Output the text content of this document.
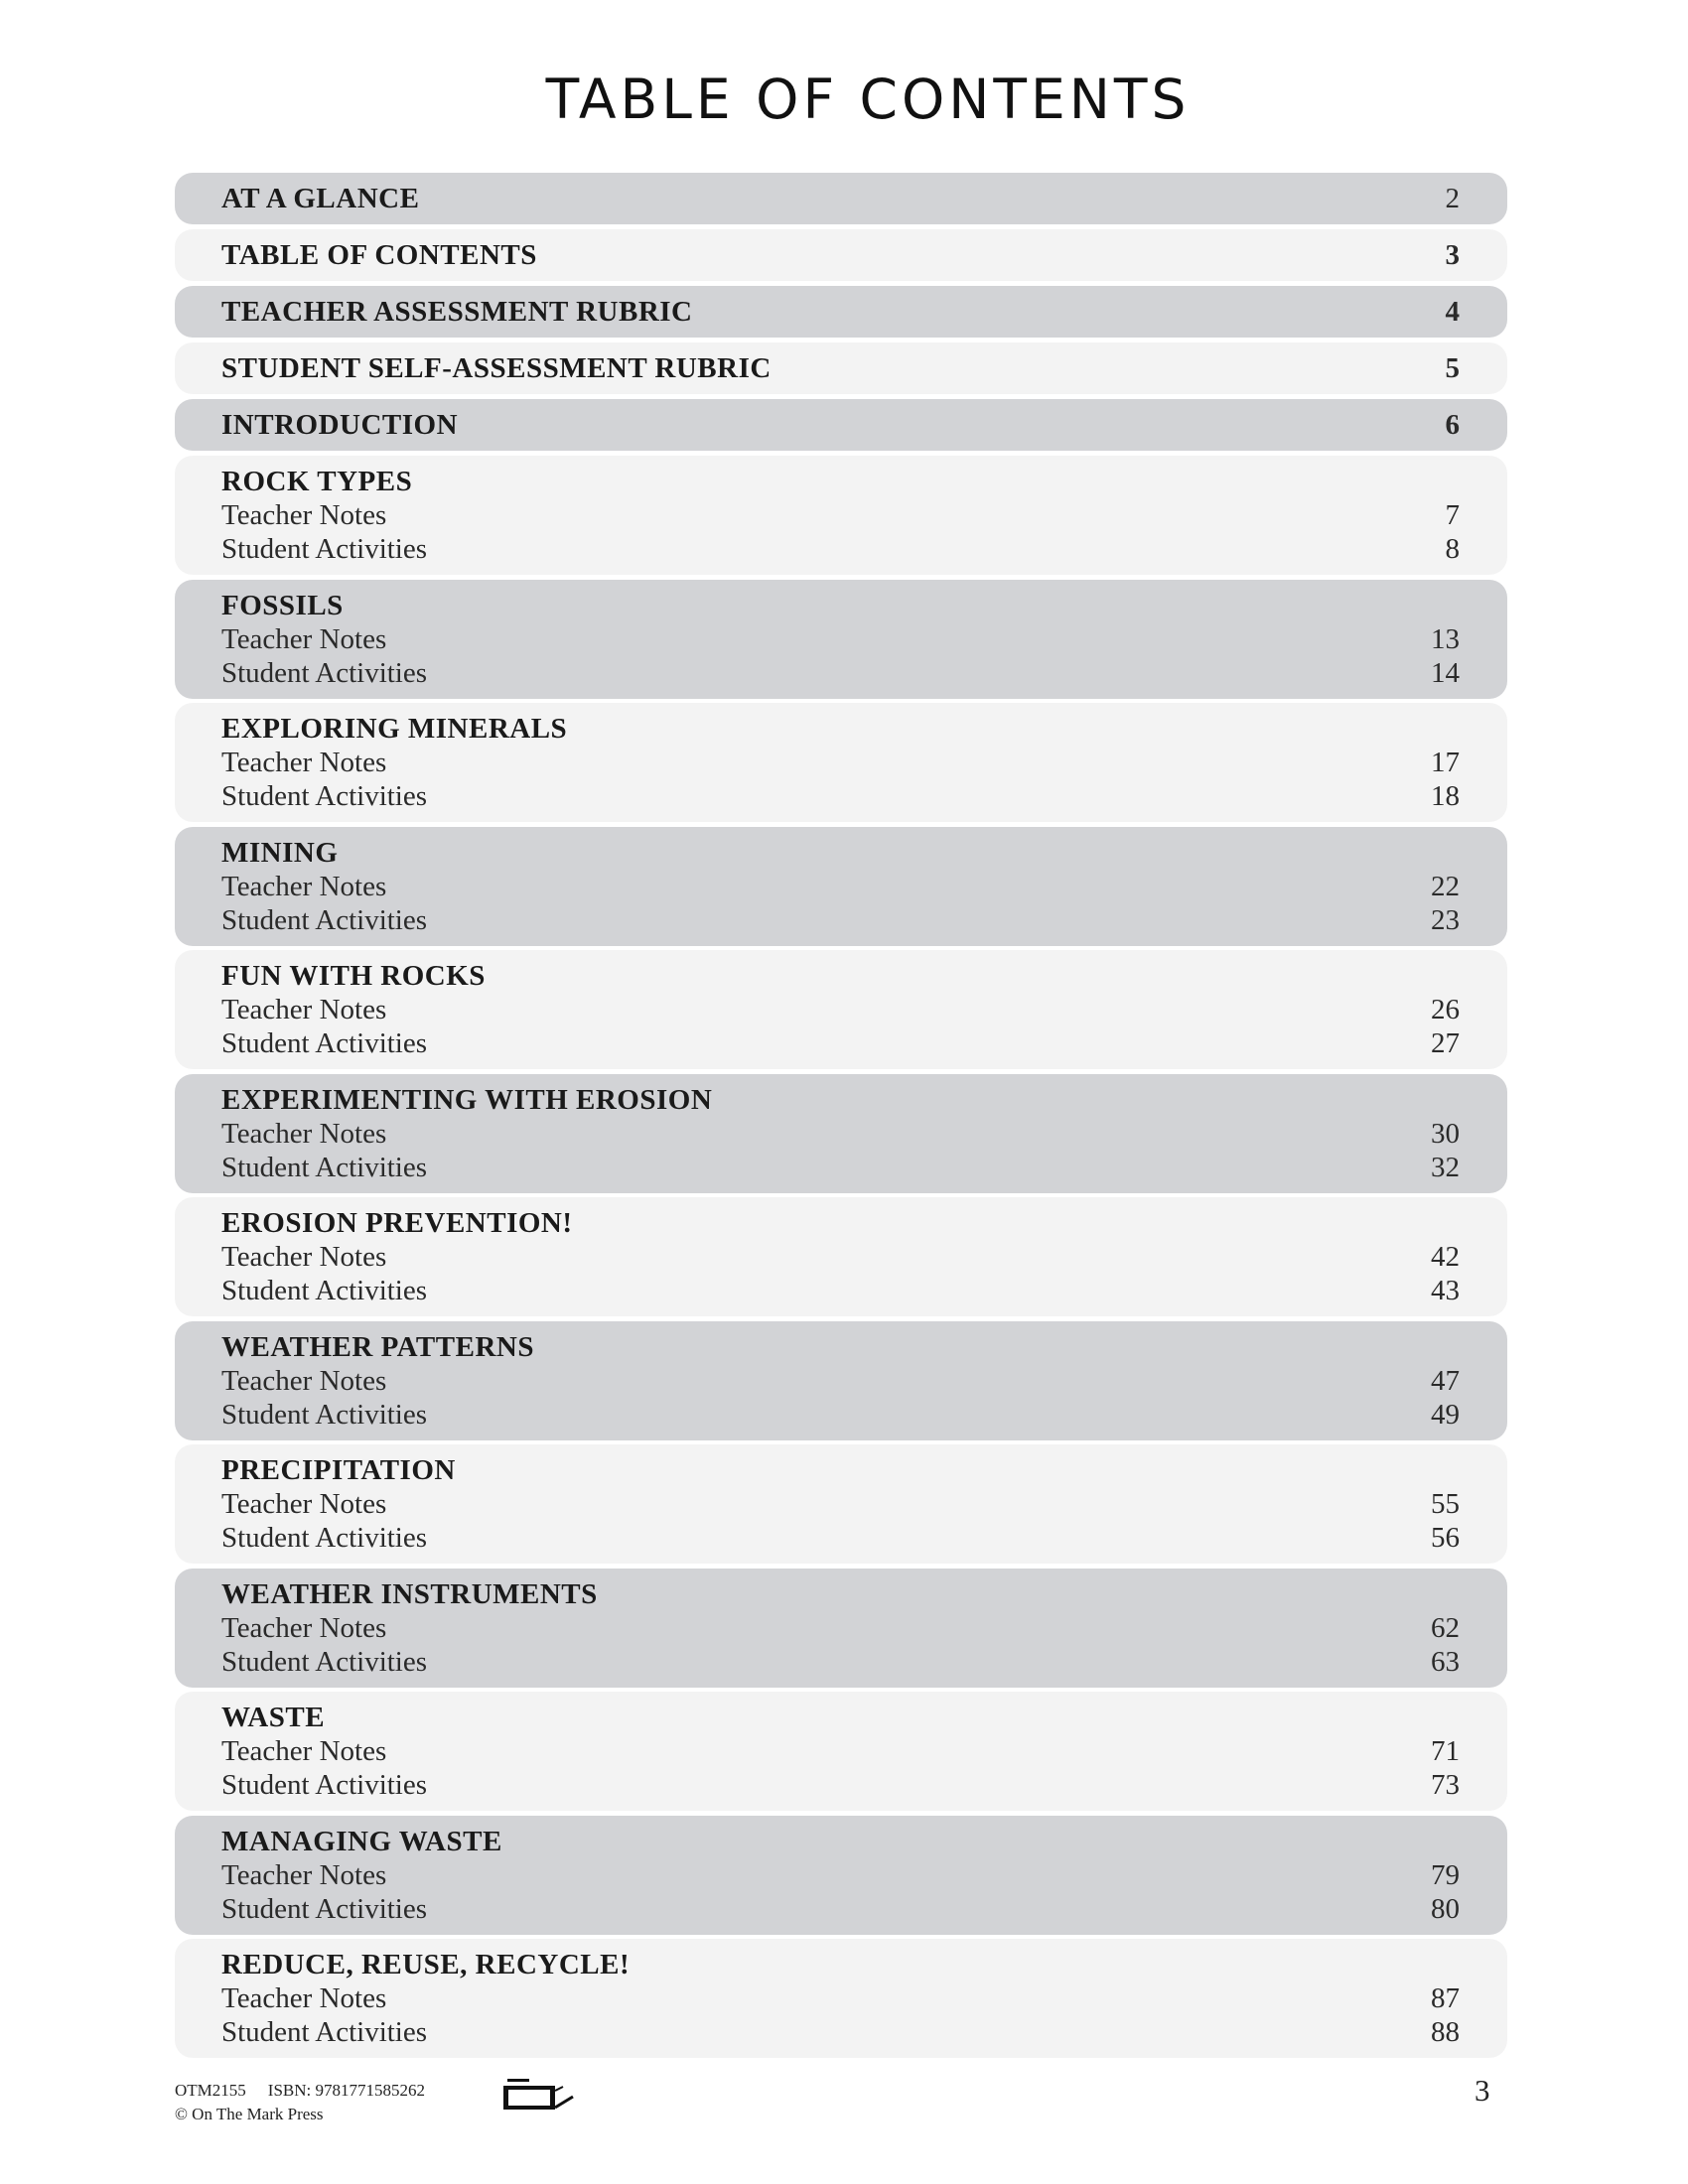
TABLE OF CONTENTS
AT A GLANCE	2
TABLE OF CONTENTS	3
TEACHER ASSESSMENT RUBRIC	4
STUDENT SELF-ASSESSMENT RUBRIC	5
INTRODUCTION	6
ROCK TYPES
Teacher Notes	7
Student Activities	8
FOSSILS
Teacher Notes	13
Student Activities	14
EXPLORING MINERALS
Teacher Notes	17
Student Activities	18
MINING
Teacher Notes	22
Student Activities	23
FUN WITH ROCKS
Teacher Notes	26
Student Activities	27
EXPERIMENTING WITH EROSION
Teacher Notes	30
Student Activities	32
EROSION PREVENTION!
Teacher Notes	42
Student Activities	43
WEATHER PATTERNS
Teacher Notes	47
Student Activities	49
PRECIPITATION
Teacher Notes	55
Student Activities	56
WEATHER INSTRUMENTS
Teacher Notes	62
Student Activities	63
WASTE
Teacher Notes	71
Student Activities	73
MANAGING WASTE
Teacher Notes	79
Student Activities	80
REDUCE, REUSE, RECYCLE!
Teacher Notes	87
Student Activities	88
OTM2155 ISBN: 9781771585262
© On The Mark Press
3
